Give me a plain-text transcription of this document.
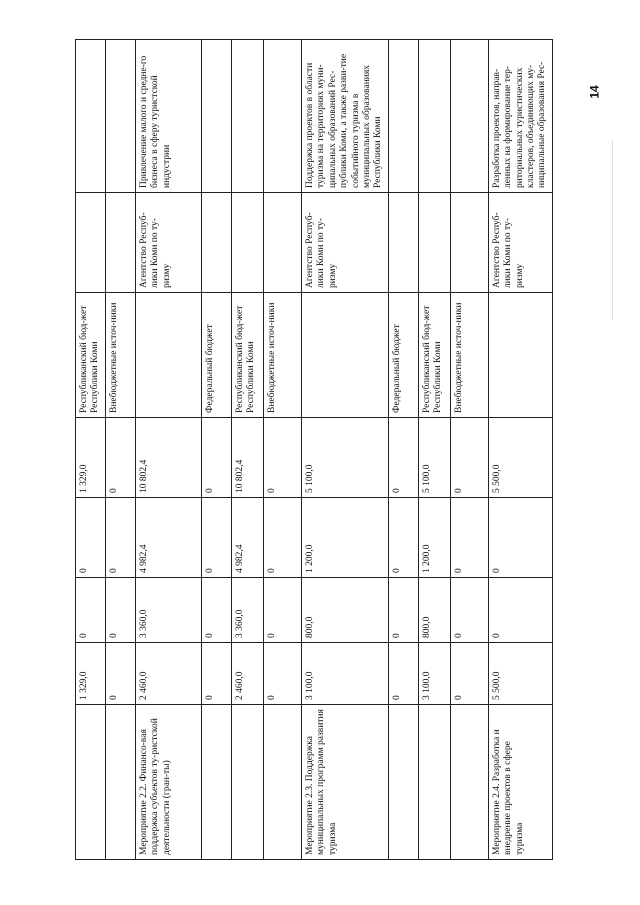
14
	1 329,0	0	0	1 329,0	Республиканский бюд-жет Республики Коми		
	0	0	0	0	Внебюджетные источ-ники		
Мероприятие 2.2. Финансо-вая поддержка субъектов ту-ристской деятельности (гран-ты)	2 460,0	3 360,0	4 982,4	10 802,4		Агентство Респуб-лики Коми по ту-ризму	Привлечение малого и средне-го бизнеса в сферу туристской индустрии
	0	0	0	0	Федеральный бюджет		
	2 460,0	3 360,0	4 982,4	10 802,4	Республиканский бюд-жет Республики Коми		
	0	0	0	0	Внебюджетные источ-ники		
Мероприятие 2.3. Поддержка муниципальных программ развития туризма	3 100,0	800,0	1 200,0	5 100,0		Агентство Респуб-лики Коми по ту-ризму	Поддержка проектов в области туризма на территориях муни-ципальных образований Рес-публики Коми, а также разви-тие событийного туризма в муниципальных образованиях Республики Коми
	0	0	0	0	Федеральный бюджет		
	3 100,0	800,0	1 200,0	5 100,0	Республиканский бюд-жет Республики Коми		
	0	0	0	0	Внебюджетные источ-ники		
Мероприятие 2.4. Разработка и внедрение проектов в сфере туризма	5 500,0	0	0	5 500,0		Агентство Респуб-лики Коми по ту-ризму	Разработка проектов, направ-ленных на формирование тер-риториальных туристических кластеров, объединяющих му-ниципальные образования Рес-
